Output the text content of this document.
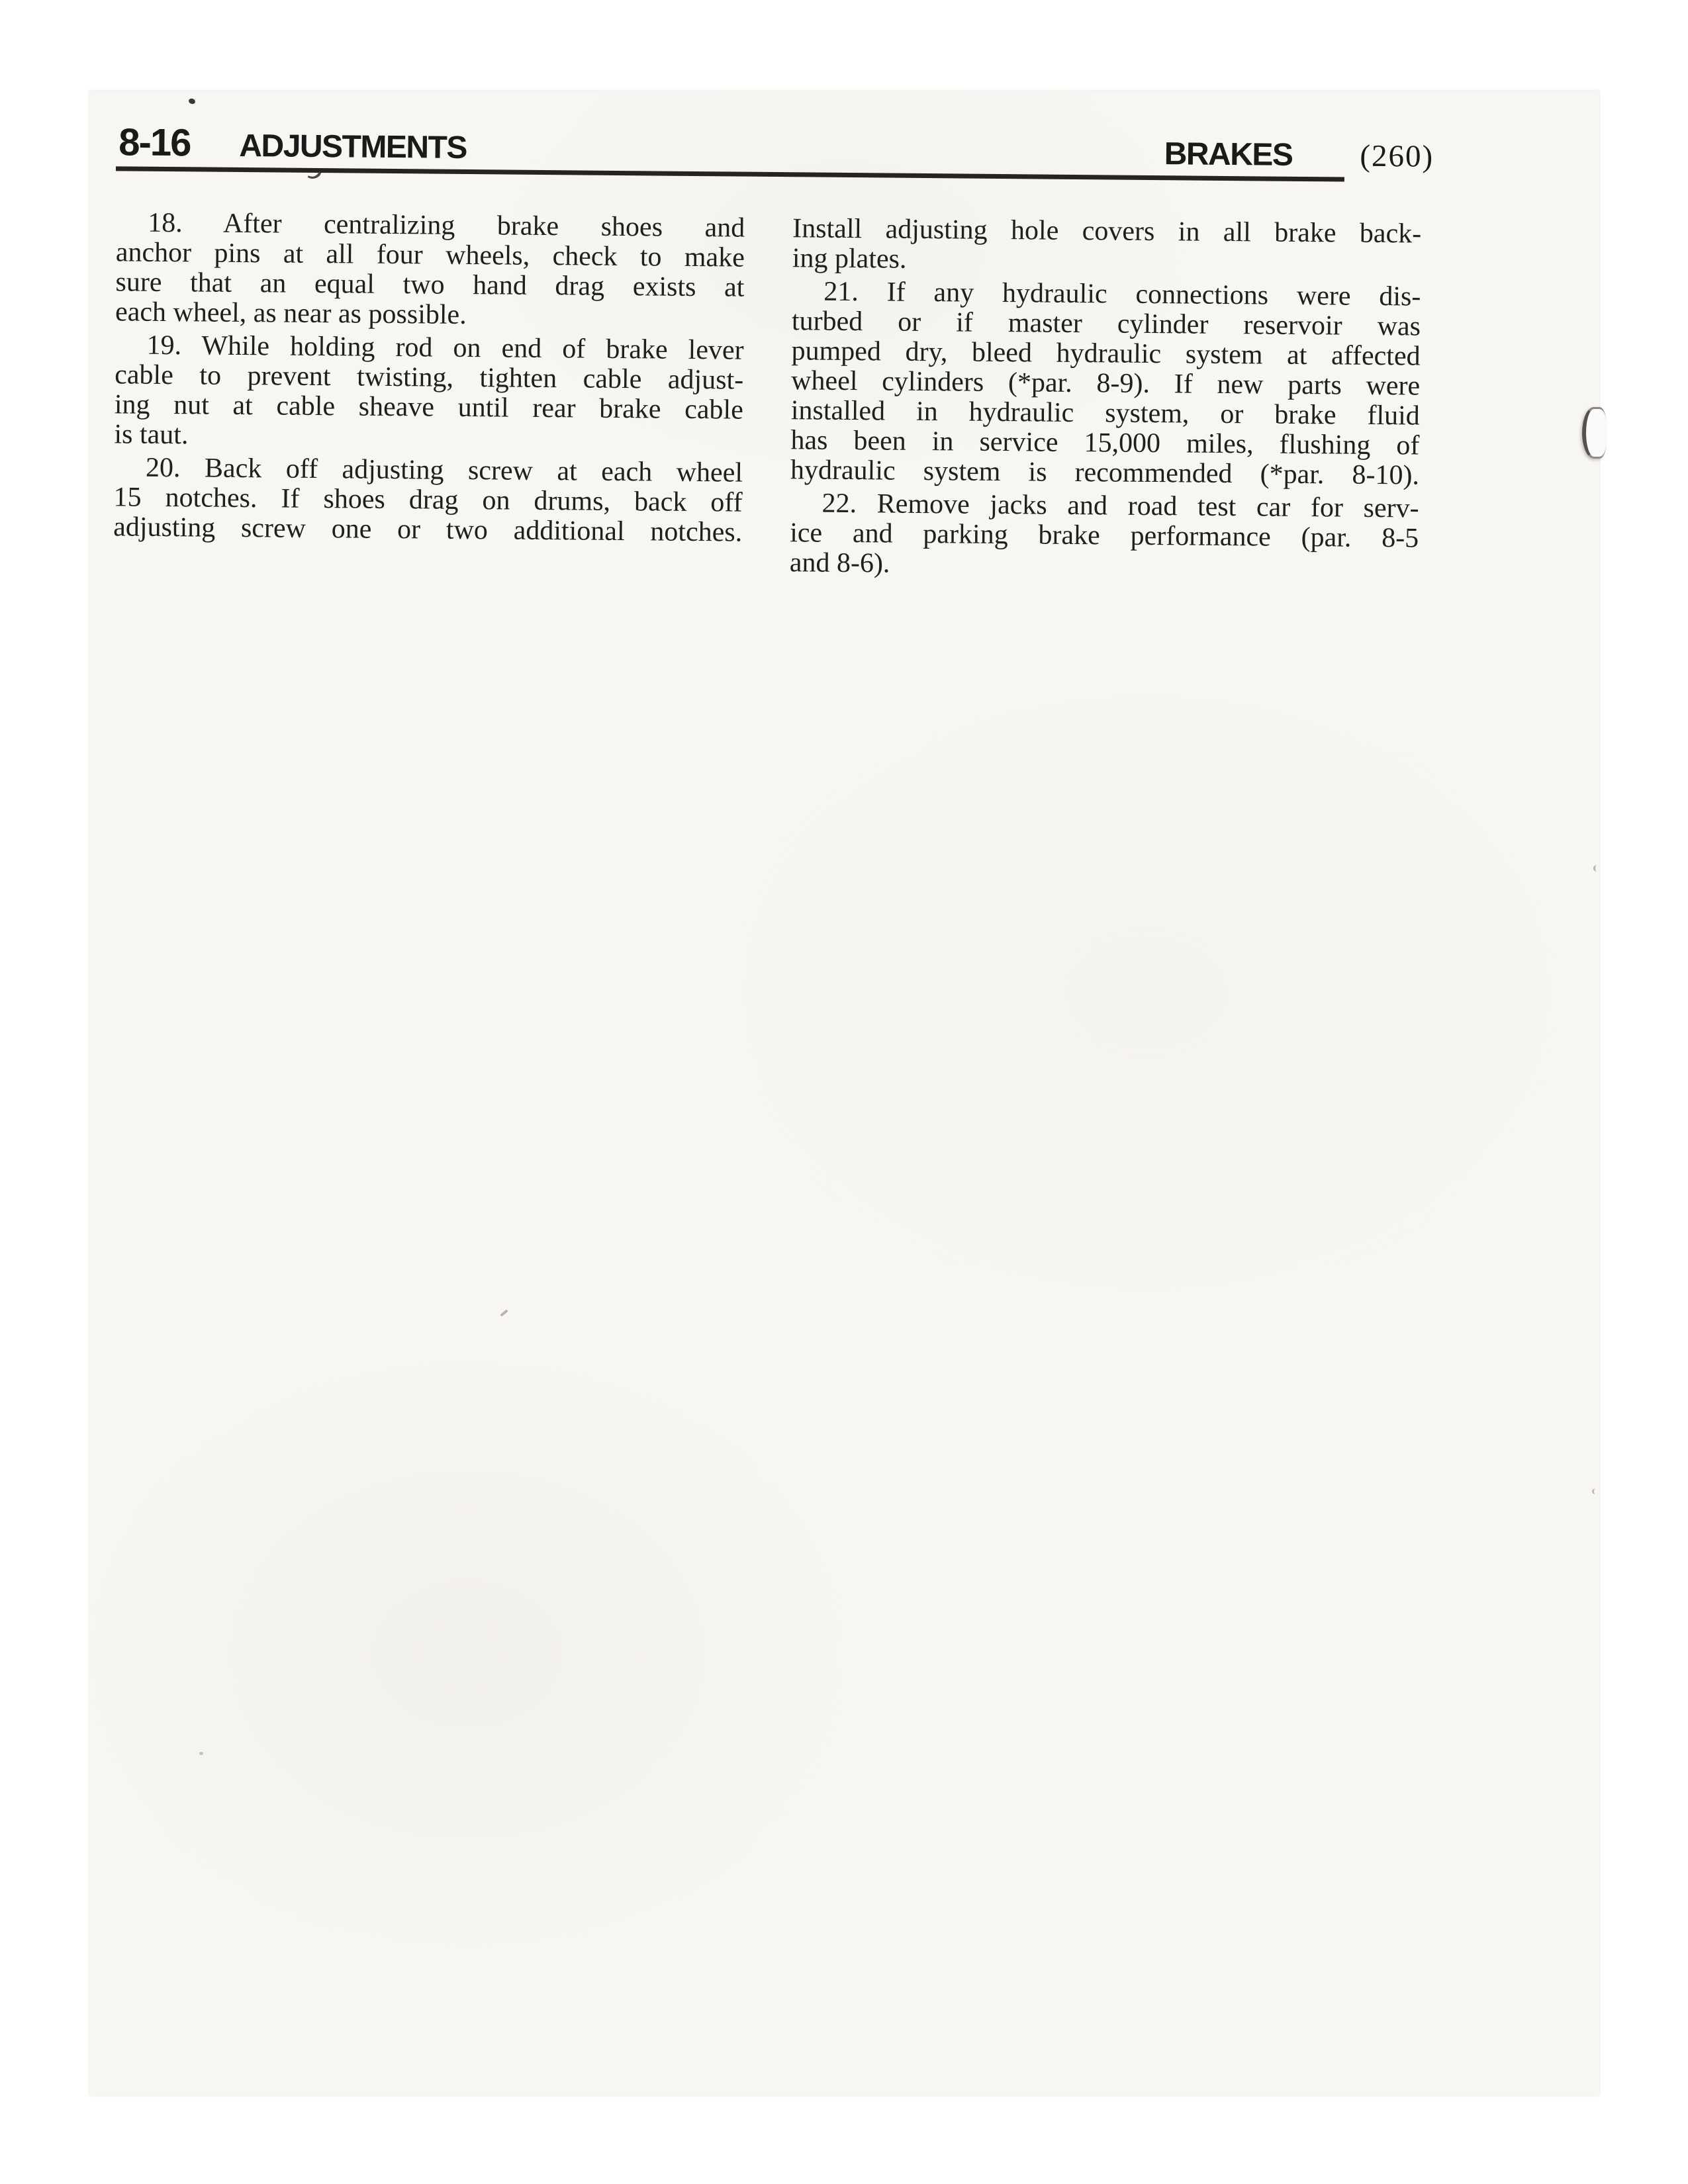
8-16 ADJUSTMENTS	BRAKES (260)
18. After centralizing brake shoes and
anchor pins at all four wheels, check to make
sure that an equal two hand drag exists at
each wheel, as near as possible.
19. While holding rod on end of brake lever
cable to prevent twisting, tighten cable adjust-
ing nut at cable sheave until rear brake cable
is taut.
20. Back off adjusting screw at each wheel
15 notches. If shoes drag on drums, back off
adjusting screw one or two additional notches.
Install adjusting hole covers in all brake back-
ing plates.
21. If any hydraulic connections were dis-
turbed or if master cylinder reservoir was
pumped dry, bleed hydraulic system at affected
wheel cylinders (*par. 8-9). If new parts were
installed in hydraulic system, or brake fluid
has been in service 15,000 miles, flushing of
hydraulic system is recommended (*par. 8-10).
22. Remove jacks and road test car for serv-
ice and parking brake performance (par. 8-5
and 8-6).
